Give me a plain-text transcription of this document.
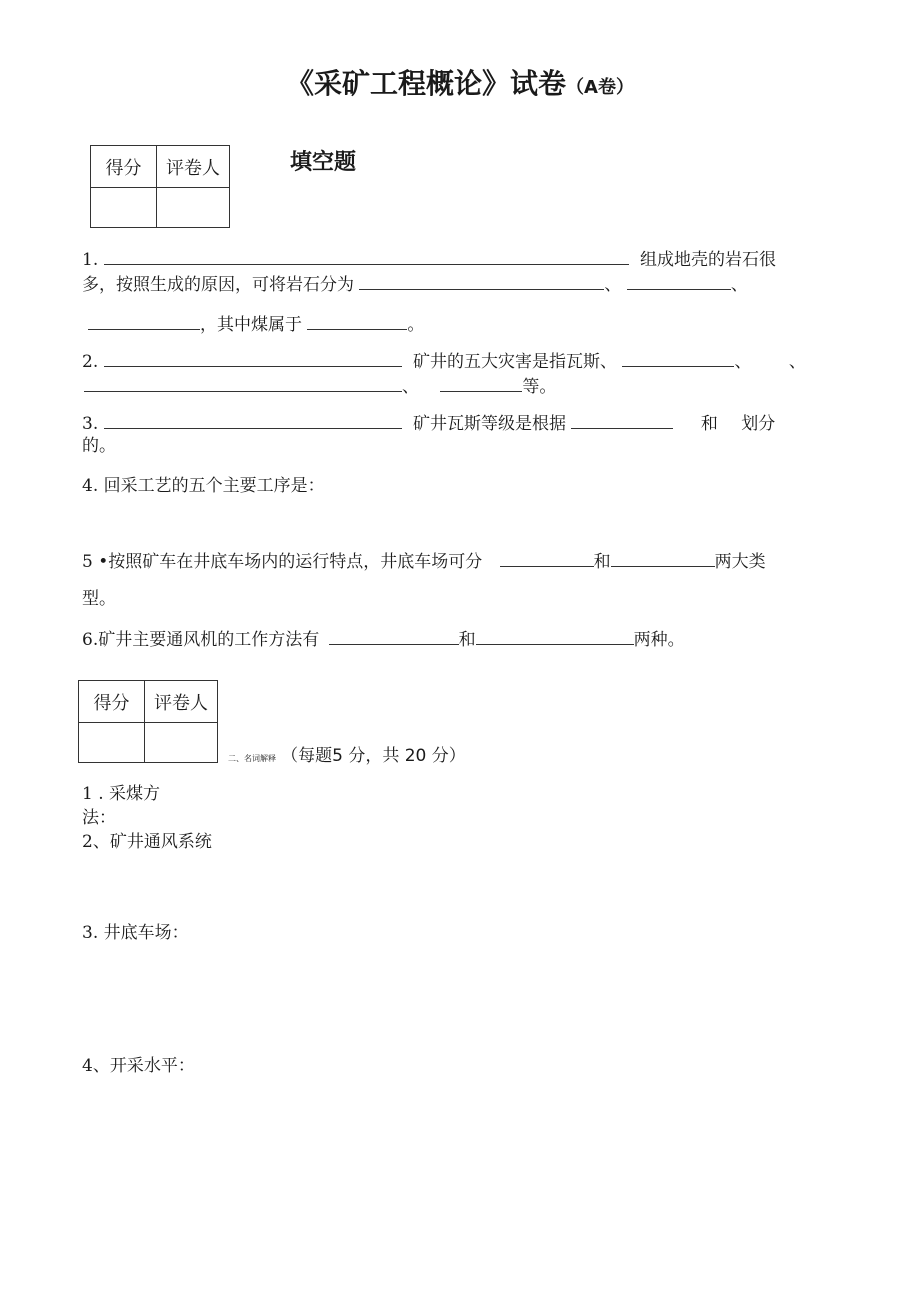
《采矿工程概论》试卷（A卷）
得分	评卷人
		填空题
1.	组成地壳的岩石很
多，按照生成的原因，可将岩石分为	、	、
，其中煤属于	。
2.	矿井的五大灾害是指瓦斯、	、 、
、	等。
3.	矿井瓦斯等级是根据	和 划分
的。
4. 回采工艺的五个主要工序是：
5 •按照矿车在井底车场内的运行特点，井底车场可分	和	两大类
型。
6.矿井主要通风机的工作方法有	和	两种。
得分	评卷人

二、名词解释 （每题5 分，共 20 分）
1 . 采煤方
法：
2、矿井通风系统
3. 井底车场：
4、开采水平：
